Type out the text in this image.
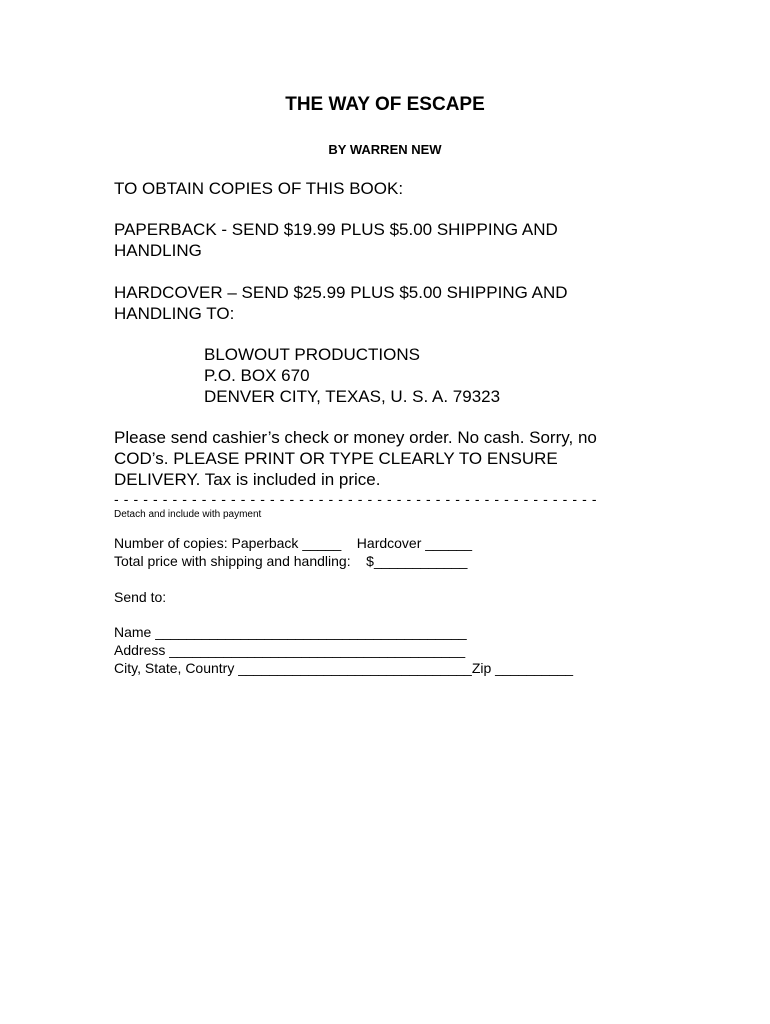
THE WAY OF ESCAPE
BY WARREN NEW
TO OBTAIN COPIES OF THIS BOOK:
PAPERBACK - SEND $19.99 PLUS $5.00 SHIPPING AND
HANDLING
HARDCOVER – SEND $25.99 PLUS $5.00 SHIPPING AND
HANDLING TO:
BLOWOUT PRODUCTIONS
P.O. BOX 670
DENVER CITY, TEXAS, U. S. A. 79323
Please send cashier’s check or money order. No cash. Sorry, no
COD’s. PLEASE PRINT OR TYPE CLEARLY TO ENSURE
DELIVERY. Tax is included in price.
- - - - - - - - - - - - - - - - - - - - - - - - - - - - - - - - - - - - - - - - - - - - - - - - - -
Detach and include with payment
Number of copies: Paperback _____    Hardcover ______
Total price with shipping and handling:    $____________
Send to:
Name ________________________________________
Address ______________________________________
City, State, Country ______________________________Zip __________
